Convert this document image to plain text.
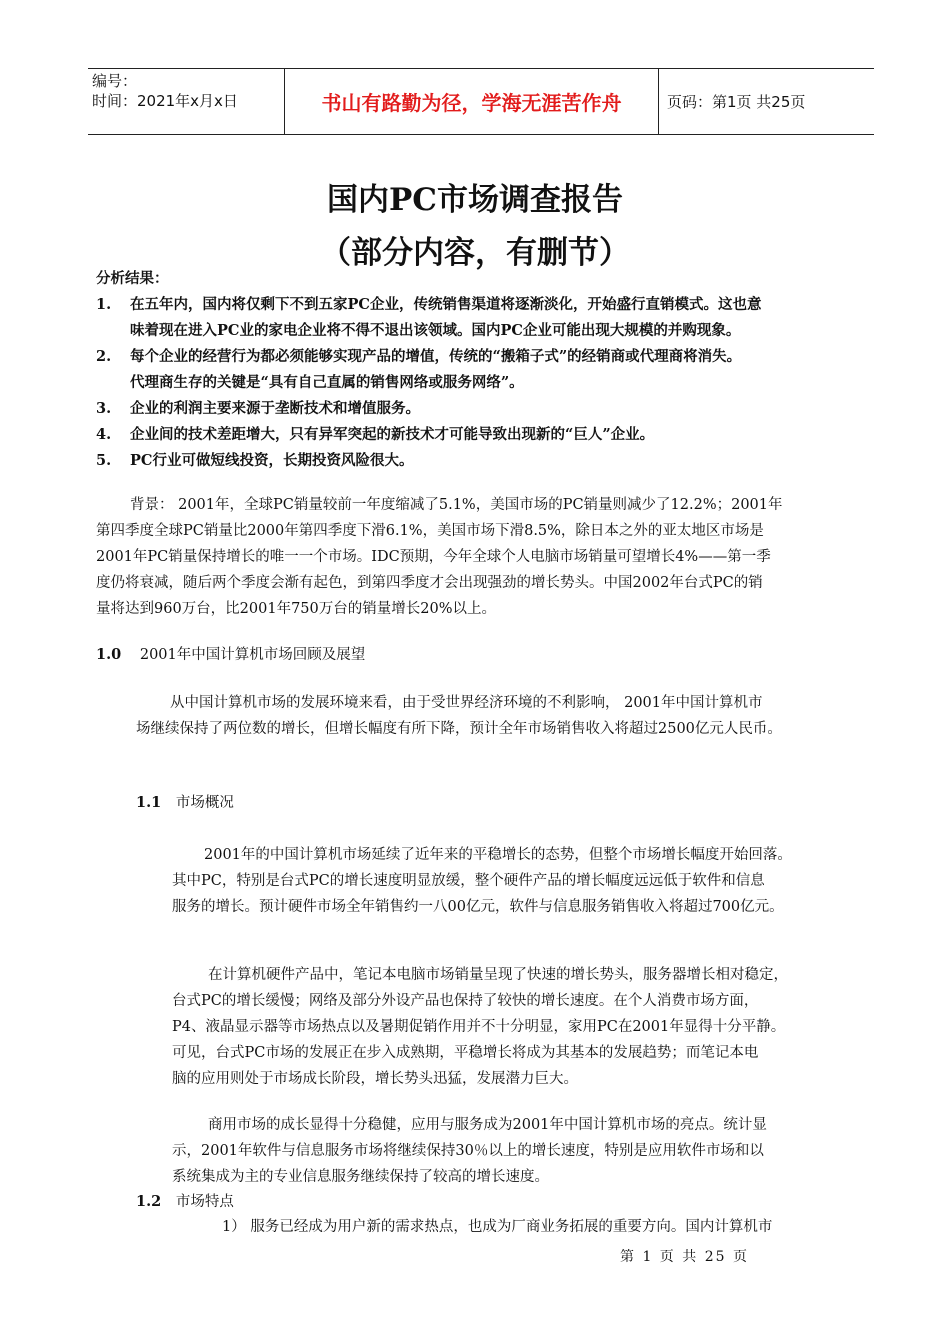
编号：
时间：2021年x月x日	书山有路勤为径，学海无涯苦作舟	页码：第1页 共25页
国内PC市场调查报告
（部分内容，有删节）
分析结果：
1.	在五年内，国内将仅剩下不到五家PC企业，传统销售渠道将逐渐淡化，开始盛行直销模式。这也意
味着现在进入PC业的家电企业将不得不退出该领域。国内PC企业可能出现大规模的并购现象。
2.	每个企业的经营行为都必须能够实现产品的增值，传统的“搬箱子式”的经销商或代理商将消失。
代理商生存的关键是“具有自己直属的销售网络或服务网络”。
3.	企业的利润主要来源于垄断技术和增值服务。
4.	企业间的技术差距增大，只有异军突起的新技术才可能导致出现新的“巨人”企业。
5.	PC行业可做短线投资，长期投资风险很大。
背景： 2001年，全球PC销量较前一年度缩减了5.1%，美国市场的PC销量则减少了12.2%；2001年
第四季度全球PC销量比2000年第四季度下滑6.1%，美国市场下滑8.5%，除日本之外的亚太地区市场是
2001年PC销量保持增长的唯一一个市场。IDC预期，今年全球个人电脑市场销量可望增长4%——第一季
度仍将衰减，随后两个季度会渐有起色，到第四季度才会出现强劲的增长势头。中国2002年台式PC的销
量将达到960万台，比2001年750万台的销量增长20%以上。
1.0 2001年中国计算机市场回顾及展望
从中国计算机市场的发展环境来看，由于受世界经济环境的不利影响， 2001年中国计算机市
场继续保持了两位数的增长，但增长幅度有所下降，预计全年市场销售收入将超过2500亿元人民币。
1.1 市场概况
2001年的中国计算机市场延续了近年来的平稳增长的态势，但整个市场增长幅度开始回落。
其中PC，特别是台式PC的增长速度明显放缓，整个硬件产品的增长幅度远远低于软件和信息
服务的增长。预计硬件市场全年销售约一八00亿元，软件与信息服务销售收入将超过700亿元。
在计算机硬件产品中，笔记本电脑市场销量呈现了快速的增长势头，服务器增长相对稳定，
台式PC的增长缓慢；网络及部分外设产品也保持了较快的增长速度。在个人消费市场方面，
P4、液晶显示器等市场热点以及暑期促销作用并不十分明显，家用PC在2001年显得十分平静。
可见，台式PC市场的发展正在步入成熟期，平稳增长将成为其基本的发展趋势；而笔记本电
脑的应用则处于市场成长阶段，增长势头迅猛，发展潜力巨大。
商用市场的成长显得十分稳健，应用与服务成为2001年中国计算机市场的亮点。统计显
示，2001年软件与信息服务市场将继续保持30％以上的增长速度，特别是应用软件市场和以
系统集成为主的专业信息服务继续保持了较高的增长速度。
1.2 市场特点
1） 服务已经成为用户新的需求热点，也成为厂商业务拓展的重要方向。国内计算机市
第 1 页 共 25 页
